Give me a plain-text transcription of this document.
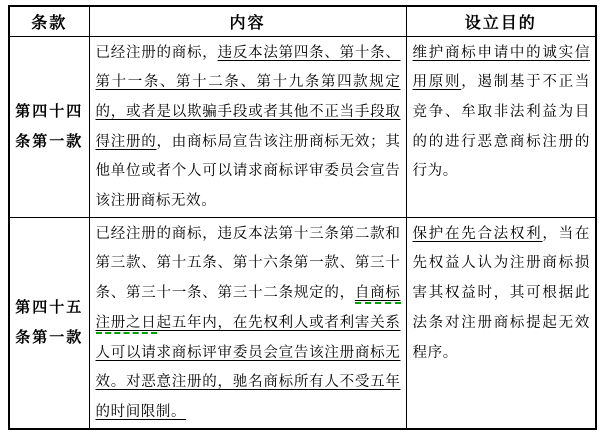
条款	内容	设立目的

第四十四
条第一款	已经注册的商标，违反本法第四条、第十条、第十一条、第十二条、第十九条第四款规定的，或者是以欺骗手段或者其他不正当手段取得注册的，由商标局宣告该注册商标无效；其他单位或者个人可以请求商标评审委员会宣告该注册商标无效。	维护商标申请中的诚实信用原则，遏制基于不正当竞争、牟取非法利益为目的的进行恶意商标注册的行为。

第四十五
条第一款	已经注册的商标，违反本法第十三条第二款和第三款、第十五条、第十六条第一款、第三十条、第三十一条、第三十二条规定的，自商标注册之日起五年内，在先权利人或者利害关系人可以请求商标评审委员会宣告该注册商标无效。对恶意注册的，驰名商标所有人不受五年的时间限制。	保护在先合法权利，当在先权益人认为注册商标损害其权益时，其可根据此法条对注册商标提起无效程序。
